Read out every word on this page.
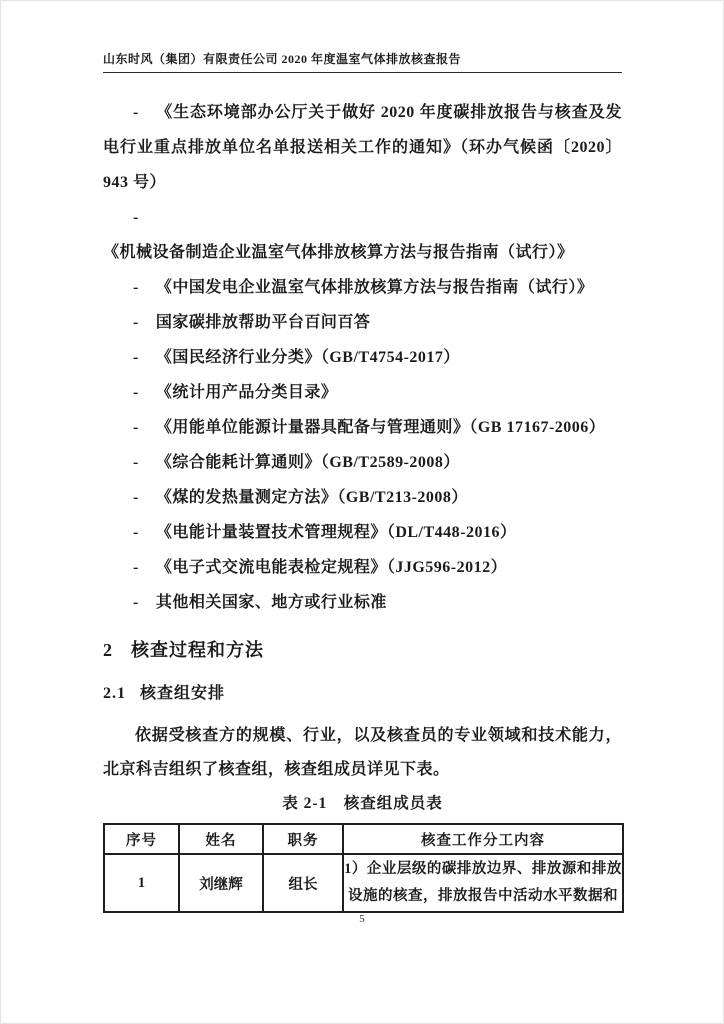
山东时风（集团）有限责任公司 2020 年度温室气体排放核查报告
- 《生态环境部办公厅关于做好 2020 年度碳排放报告与核查及发电行业重点排放单位名单报送相关工作的通知》（环办气候函〔2020〕943 号）
-《机械设备制造企业温室气体排放核算方法与报告指南（试行）》
- 《中国发电企业温室气体排放核算方法与报告指南（试行）》
- 国家碳排放帮助平台百问百答
- 《国民经济行业分类》（GB/T4754-2017）
- 《统计用产品分类目录》
- 《用能单位能源计量器具配备与管理通则》（GB 17167-2006）
- 《综合能耗计算通则》（GB/T2589-2008）
- 《煤的发热量测定方法》（GB/T213-2008）
- 《电能计量装置技术管理规程》（DL/T448-2016）
- 《电子式交流电能表检定规程》（JJG596-2012）
- 其他相关国家、地方或行业标准
2 核查过程和方法
2.1 核查组安排
依据受核查方的规模、行业，以及核查员的专业领域和技术能力，北京科吉组织了核查组，核查组成员详见下表。
表 2-1　核查组成员表
序号	姓名	职务	核查工作分工内容
1	刘继辉	组长	1）企业层级的碳排放边界、排放源和排放设施的核查，排放报告中活动水平数据和
5
